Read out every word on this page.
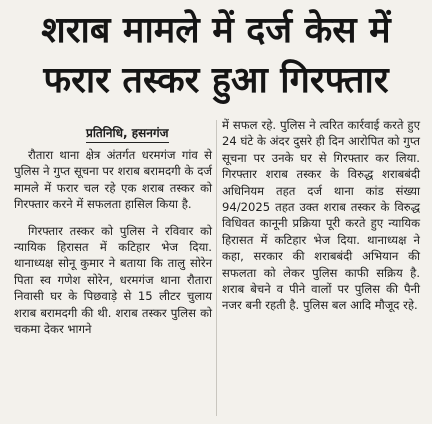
शराब मामले में दर्ज केस में
फरार तस्कर हुआ गिरफ्तार
प्रतिनिधि, हसनगंज

रौतारा थाना क्षेत्र अंतर्गत धरमगंज गांव से पुलिस ने गुप्त सूचना पर शराब बरामदगी के दर्ज मामले में फरार चल रहे एक शराब तस्कर को गिरफ्तार करने में सफलता हासिल किया है.

गिरफ्तार तस्कर को पुलिस ने रविवार को न्यायिक हिरासत में कटिहार भेज दिया. थानाध्यक्ष सोनू कुमार ने बताया कि तालु सोरेन पिता स्व गणेश सोरेन, धरमगंज थाना रौतारा निवासी घर के पिछवाड़े से 15 लीटर चुलाय शराब बरामदगी की थी. शराब तस्कर पुलिस को चकमा देकर भागने

में सफल रहे. पुलिस ने त्वरित कार्रवाई करते हुए 24 घंटे के अंदर दुसरे ही दिन आरोपित को गुप्त सूचना पर उनके घर से गिरफ्तार कर लिया. गिरफ्तार शराब तस्कर के विरुद्ध शराबबंदी अधिनियम तहत दर्ज थाना कांड संख्या 94/2025 तहत उक्त शराब तस्कर के विरुद्ध विधिवत कानूनी प्रक्रिया पूरी करते हुए न्यायिक हिरासत में कटिहार भेज दिया. थानाध्यक्ष ने कहा, सरकार की शराबबंदी अभियान की सफलता को लेकर पुलिस काफी सक्रिय है. शराब बेचने व पीने वालों पर पुलिस की पैनी नजर बनी रहती है. पुलिस बल आदि मौजूद रहे.
